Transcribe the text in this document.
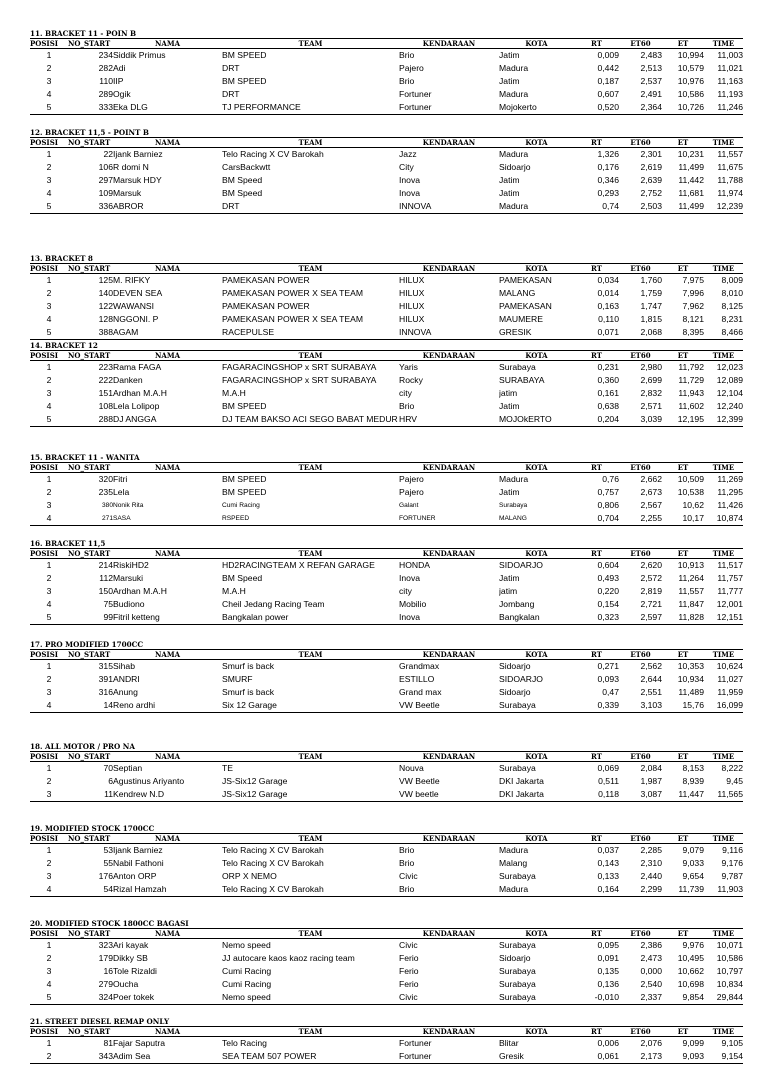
11. BRACKET 11 - POIN B
POSISI	NO_START	NAMA	TEAM	KENDARAAN	KOTA	RT	ET60	ET	TIME
1	234	Siddik Primus	BM SPEED	Brio	Jatim	0,009	2,483	10,994	11,003
2	282	Adi	DRT	Pajero	Madura	0,442	2,513	10,579	11,021
3	110	IIP	BM SPEED	Brio	Jatim	0,187	2,537	10,976	11,163
4	289	Ogik	DRT	Fortuner	Madura	0,607	2,491	10,586	11,193
5	333	Eka DLG	TJ PERFORMANCE	Fortuner	Mojokerto	0,520	2,364	10,726	11,246
12. BRACKET 11,5 - POINT B
POSISI	NO_START	NAMA	TEAM	KENDARAAN	KOTA	RT	ET60	ET	TIME
1	22	Ijank Barniez	Telo Racing X CV Barokah	Jazz	Madura	1,326	2,301	10,231	11,557
2	106	R domi N	CarsBackwtt	City	Sidoarjo	0,176	2,619	11,499	11,675
3	297	Marsuk HDY	BM Speed	Inova	Jatim	0,346	2,639	11,442	11,788
4	109	Marsuk	BM Speed	Inova	Jatim	0,293	2,752	11,681	11,974
5	336	ABROR	DRT	INNOVA	Madura	0,74	2,503	11,499	12,239
13. BRACKET 8
POSISI	NO_START	NAMA	TEAM	KENDARAAN	KOTA	RT	ET60	ET	TIME
1	125	M. RIFKY	PAMEKASAN POWER	HILUX	PAMEKASAN	0,034	1,760	7,975	8,009
2	140	DEVEN SEA	PAMEKASAN POWER X SEA TEAM	HILUX	MALANG	0,014	1,759	7,996	8,010
3	122	WAWANSI	PAMEKASAN POWER	HILUX	PAMEKASAN	0,163	1,747	7,962	8,125
4	128	NGGONI. P	PAMEKASAN POWER X SEA TEAM	HILUX	MAUMERE	0,110	1,815	8,121	8,231
5	388	AGAM	RACEPULSE	INNOVA	GRESIK	0,071	2,068	8,395	8,466
14. BRACKET 12
POSISI	NO_START	NAMA	TEAM	KENDARAAN	KOTA	RT	ET60	ET	TIME
1	223	Rama FAGA	FAGARACINGSHOP x SRT SURABAYA	Yaris	Surabaya	0,231	2,980	11,792	12,023
2	222	Danken	FAGARACINGSHOP x SRT SURABAYA	Rocky	SURABAYA	0,360	2,699	11,729	12,089
3	151	Ardhan M.A.H	M.A.H	city	jatim	0,161	2,832	11,943	12,104
4	108	Lela Lolipop	BM SPEED	Brio	Jatim	0,638	2,571	11,602	12,240
5	288	DJ ANGGA	DJ TEAM BAKSO ACI SEGO BABAT MEDUR	HRV	MOJOkERTO	0,204	3,039	12,195	12,399
15. BRACKET 11 - WANITA
POSISI	NO_START	NAMA	TEAM	KENDARAAN	KOTA	RT	ET60	ET	TIME
1	320	Fitri	BM SPEED	Pajero	Madura	0,76	2,662	10,509	11,269
2	235	Lela	BM SPEED	Pajero	Jatim	0,757	2,673	10,538	11,295
3	380	Nonik Rita	Cumi Racing	Galant	Surabaya	0,806	2,567	10,62	11,426
4	271	SASA	RSPEED	FORTUNER	MALANG	0,704	2,255	10,17	10,874
16. BRACKET 11,5
POSISI	NO_START	NAMA	TEAM	KENDARAAN	KOTA	RT	ET60	ET	TIME
1	214	RiskiHD2	HD2RACINGTEAM X REFAN GARAGE	HONDA	SIDOARJO	0,604	2,620	10,913	11,517
2	112	Marsuki	BM Speed	Inova	Jatim	0,493	2,572	11,264	11,757
3	150	Ardhan M.A.H	M.A.H	city	jatim	0,220	2,819	11,557	11,777
4	75	Budiono	Cheil Jedang Racing Team	Mobilio	Jombang	0,154	2,721	11,847	12,001
5	99	Fitril ketteng	Bangkalan power	Inova	Bangkalan	0,323	2,597	11,828	12,151
17. PRO MODIFIED 1700CC
POSISI	NO_START	NAMA	TEAM	KENDARAAN	KOTA	RT	ET60	ET	TIME
1	315	Sihab	Smurf is back	Grandmax	Sidoarjo	0,271	2,562	10,353	10,624
2	391	ANDRI	SMURF	ESTILLO	SIDOARJO	0,093	2,644	10,934	11,027
3	316	Anung	Smurf is back	Grand max	Sidoarjo	0,47	2,551	11,489	11,959
4	14	Reno ardhi	Six 12 Garage	VW Beetle	Surabaya	0,339	3,103	15,76	16,099
18. ALL MOTOR / PRO NA
POSISI	NO_START	NAMA	TEAM	KENDARAAN	KOTA	RT	ET60	ET	TIME
1	70	Septian	TE	Nouva	Surabaya	0,069	2,084	8,153	8,222
2	6	Agustinus Ariyanto	JS-Six12 Garage	VW Beetle	DKI Jakarta	0,511	1,987	8,939	9,45
3	11	Kendrew N.D	JS-Six12 Garage	VW beetle	DKI Jakarta	0,118	3,087	11,447	11,565
19. MODIFIED STOCK 1700CC
POSISI	NO_START	NAMA	TEAM	KENDARAAN	KOTA	RT	ET60	ET	TIME
1	53	Ijank Barniez	Telo Racing X CV Barokah	Brio	Madura	0,037	2,285	9,079	9,116
2	55	Nabil Fathoni	Telo Racing X CV Barokah	Brio	Malang	0,143	2,310	9,033	9,176
3	176	Anton ORP	ORP X NEMO	Civic	Surabaya	0,133	2,440	9,654	9,787
4	54	Rizal Hamzah	Telo Racing X CV Barokah	Brio	Madura	0,164	2,299	11,739	11,903
20. MODIFIED STOCK 1800CC BAGASI
POSISI	NO_START	NAMA	TEAM	KENDARAAN	KOTA	RT	ET60	ET	TIME
1	323	Ari kayak	Nemo speed	Civic	Surabaya	0,095	2,386	9,976	10,071
2	179	Dikky SB	JJ autocare kaos kaoz racing team	Ferio	Sidoarjo	0,091	2,473	10,495	10,586
3	16	Tole Rizaldi	Cumi Racing	Ferio	Surabaya	0,135	0,000	10,662	10,797
4	279	Oucha	Cumi Racing	Ferio	Surabaya	0,136	2,540	10,698	10,834
5	324	Poer tokek	Nemo speed	Civic	Surabaya	-0,010	2,337	9,854	29,844
21. STREET DIESEL REMAP ONLY
POSISI	NO_START	NAMA	TEAM	KENDARAAN	KOTA	RT	ET60	ET	TIME
1	81	Fajar Saputra	Telo Racing	Fortuner	Blitar	0,006	2,076	9,099	9,105
2	343	Adim Sea	SEA TEAM 507 POWER	Fortuner	Gresik	0,061	2,173	9,093	9,154
